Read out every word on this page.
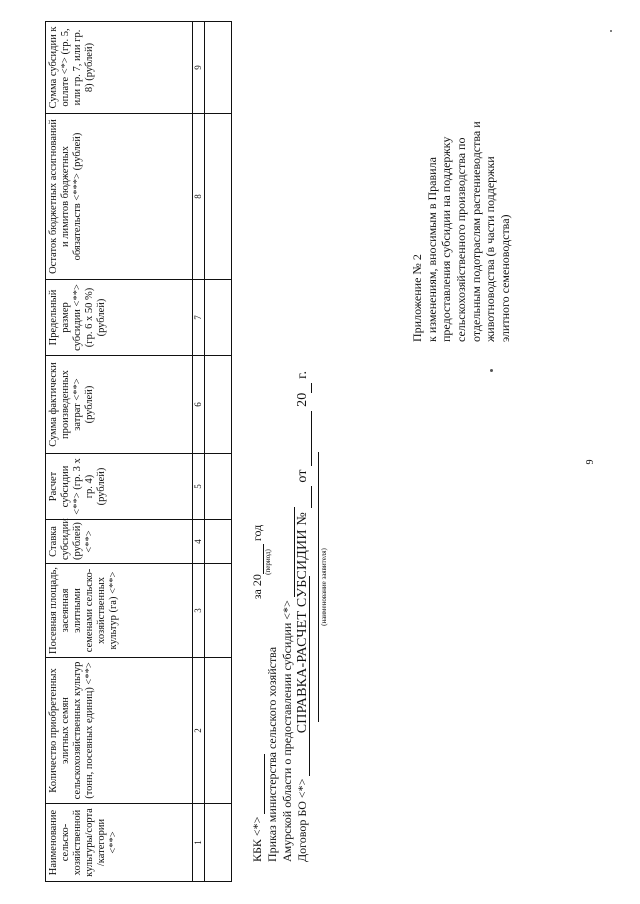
9
Приложение № 2 к изменениям, вносимым в Правила предоставления субсидии на поддержку сельскохозяйственного производства по отдельным подотраслям растениеводства и животноводства (в части поддержки элитного семеноводства)
КБК <*> Приказ министерства сельского хозяйства Амурской области о предоставлении субсидии <*> Договор БО <*>
СПРАВКА-РАСЧЕТ СУБСИДИИ №  от  20 г.
(наименование заявителя)
за 20 год
(период)
Наименование сельско-хозяйственной культуры/сорта /категории <**>	Количество приобретенных элитных семян сельскохозяйственных культур (тонн, посевных единиц) <**>	Посевная площадь, засеянная элитными семенами сельско-хозяйственных культур (га) <**>	Ставка субсидии (рублей) <**>	Расчет субсидии <**> (гр. 3 х гр. 4) (рублей)	Сумма фактически произведенных затрат <**> (рублей)	Предельный размер субсидии <**> (гр. 6 х 50 %) (рублей)	Остаток бюджетных ассигнований и лимитов бюджетных обязательств <***> (рублей)	Сумма субсидии к оплате <*> (гр. 5, или гр. 7, или гр. 8) (рублей)
1	2	3	4	5	6	7	8	9
